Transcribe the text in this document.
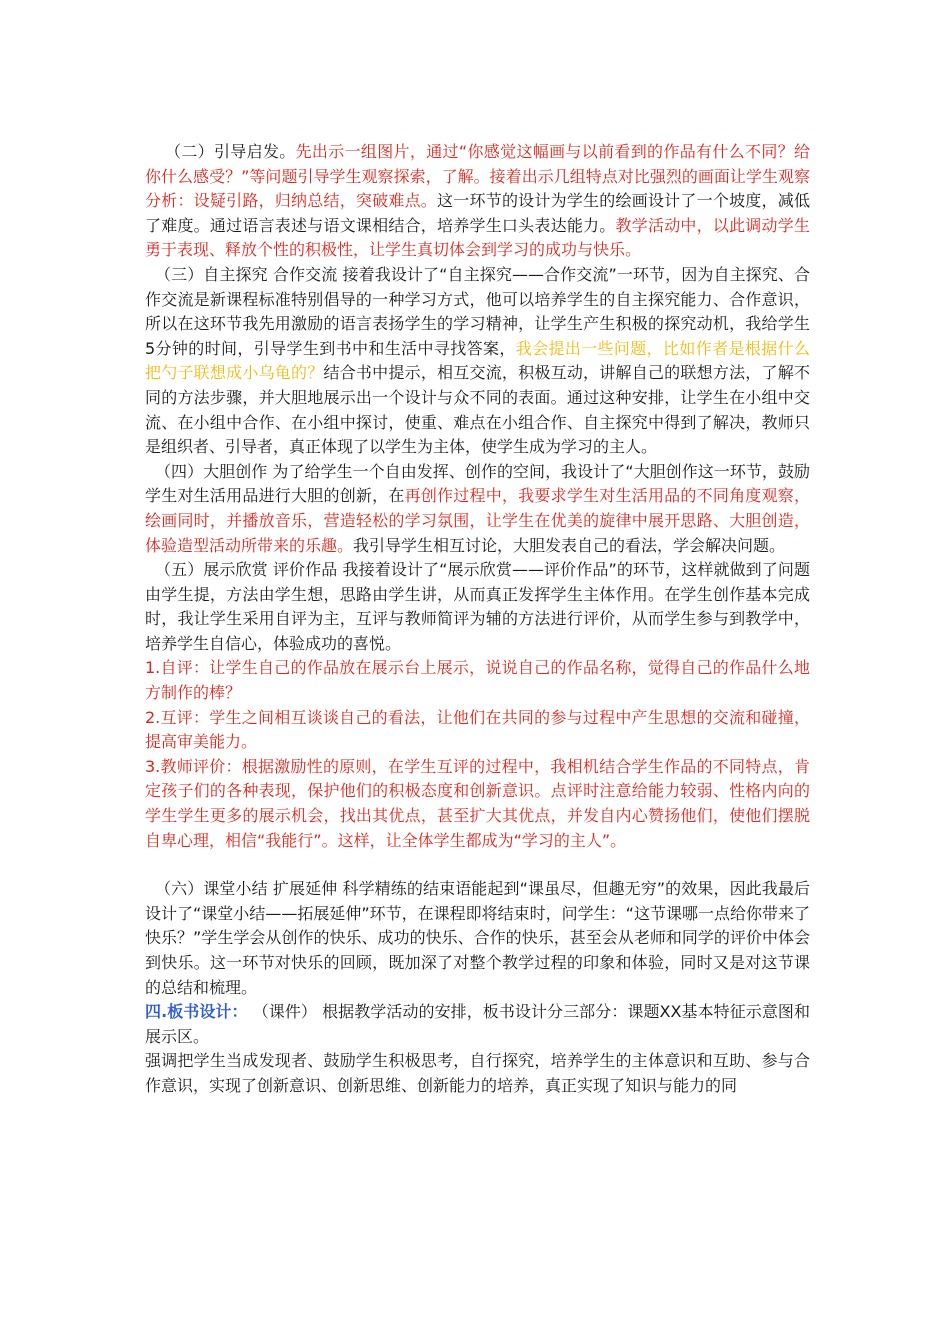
（二）引导启发。先出示一组图片，通过“你感觉这幅画与以前看到的作品有什么不同？给你什么感受？”等问题引导学生观察探索，了解。接着出示几组特点对比强烈的画面让学生观察分析：设疑引路，归纳总结，突破难点。这一环节的设计为学生的绘画设计了一个坡度，减低了难度。通过语言表述与语文课相结合，培养学生口头表达能力。教学活动中，以此调动学生勇于表现、释放个性的积极性，让学生真切体会到学习的成功与快乐。

（三）自主探究 合作交流 接着我设计了“自主探究——合作交流”一环节，因为自主探究、合作交流是新课程标准特别倡导的一种学习方式，他可以培养学生的自主探究能力、合作意识，所以在这环节我先用激励的语言表扬学生的学习精神，让学生产生积极的探究动机，我给学生5分钟的时间，引导学生到书中和生活中寻找答案，我会提出一些问题，比如作者是根据什么把勺子联想成小乌龟的？结合书中提示，相互交流，积极互动，讲解自己的联想方法，了解不同的方法步骤，并大胆地展示出一个设计与众不同的表面。通过这种安排，让学生在小组中交流、在小组中合作、在小组中探讨，使重、难点在小组合作、自主探究中得到了解决，教师只是组织者、引导者，真正体现了以学生为主体，使学生成为学习的主人。

（四）大胆创作 为了给学生一个自由发挥、创作的空间，我设计了“大胆创作这一环节，鼓励学生对生活用品进行大胆的创新，在再创作过程中，我要求学生对生活用品的不同角度观察，绘画同时，并播放音乐，营造轻松的学习氛围，让学生在优美的旋律中展开思路、大胆创造，体验造型活动所带来的乐趣。我引导学生相互讨论，大胆发表自己的看法，学会解决问题。

（五）展示欣赏 评价作品 我接着设计了“展示欣赏——评价作品”的环节，这样就做到了问题由学生提，方法由学生想，思路由学生讲，从而真正发挥学生主体作用。在学生创作基本完成时，我让学生采用自评为主，互评与教师简评为辅的方法进行评价，从而学生参与到教学中，培养学生自信心，体验成功的喜悦。

1.自评：让学生自己的作品放在展示台上展示，说说自己的作品名称，觉得自己的作品什么地方制作的棒？

2.互评：学生之间相互谈谈自己的看法，让他们在共同的参与过程中产生思想的交流和碰撞，提高审美能力。

3.教师评价：根据激励性的原则，在学生互评的过程中，我相机结合学生作品的不同特点，肯定孩子们的各种表现，保护他们的积极态度和创新意识。点评时注意给能力较弱、性格内向的学生学生更多的展示机会，找出其优点，甚至扩大其优点，并发自内心赞扬他们，使他们摆脱自卑心理，相信“我能行”。这样，让全体学生都成为“学习的主人”。

（六）课堂小结 扩展延伸 科学精练的结束语能起到“课虽尽，但趣无穷”的效果，因此我最后设计了“课堂小结——拓展延伸”环节，在课程即将结束时，问学生：“这节课哪一点给你带来了快乐？”学生学会从创作的快乐、成功的快乐、合作的快乐，甚至会从老师和同学的评价中体会到快乐。这一环节对快乐的回顾，既加深了对整个教学过程的印象和体验，同时又是对这节课的总结和梳理。

四.板书设计： （课件） 根据教学活动的安排，板书设计分三部分：课题XX基本特征示意图和展示区。

强调把学生当成发现者、鼓励学生积极思考，自行探究，培养学生的主体意识和互助、参与合作意识，实现了创新意识、创新思维、创新能力的培养，真正实现了知识与能力的同
